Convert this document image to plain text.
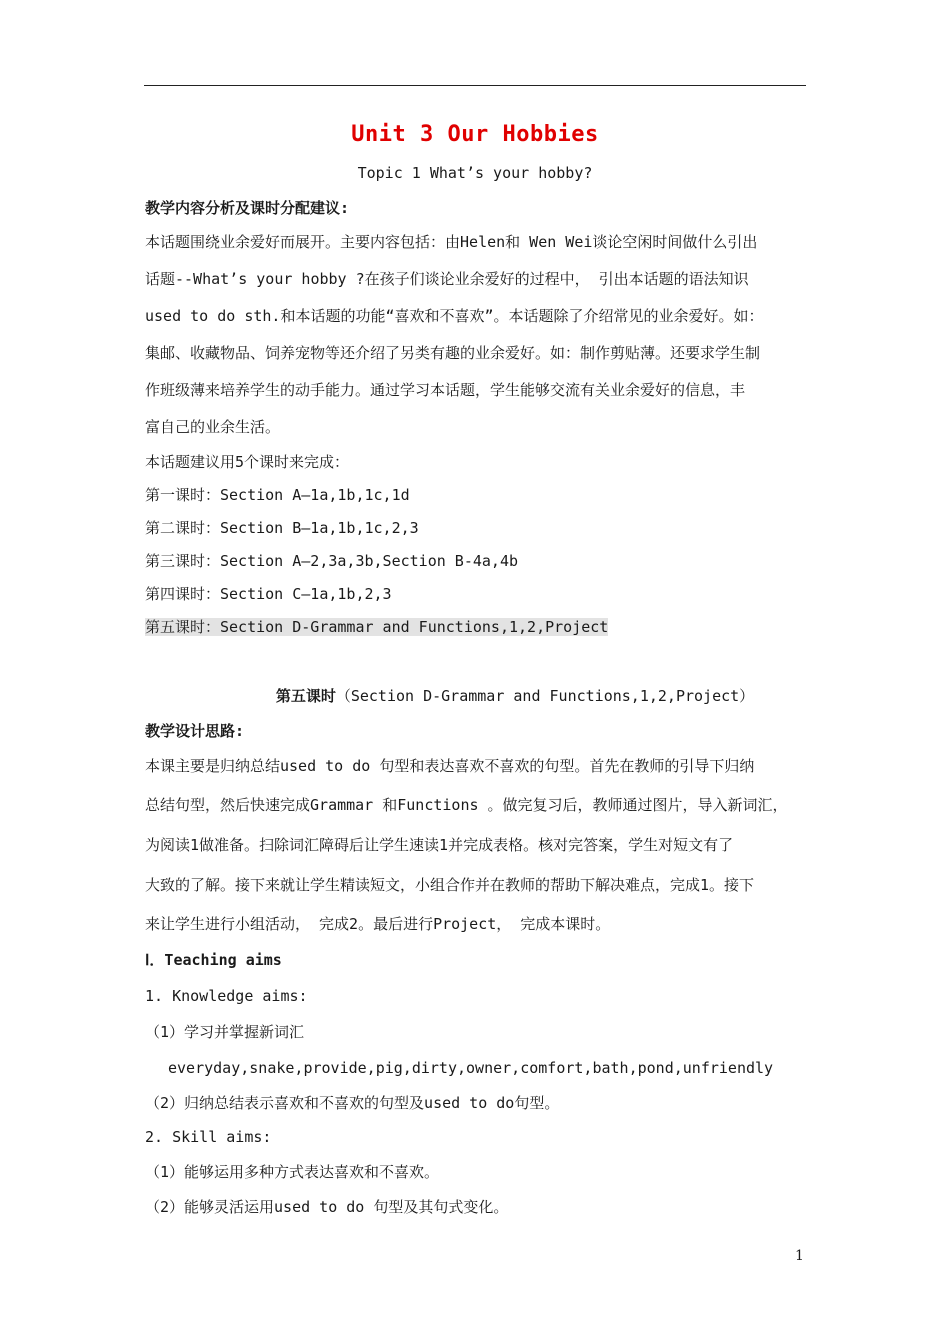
Unit 3 Our Hobbies
Topic 1 What’s your hobby?
教学内容分析及课时分配建议:
本话题围绕业余爱好而展开。主要内容包括：由Helen和 Wen Wei谈论空闲时间做什么引出
话题--What’s your hobby ?在孩子们谈论业余爱好的过程中， 引出本话题的语法知识
used to do sth.和本话题的功能“喜欢和不喜欢”。本话题除了介绍常见的业余爱好。如：
集邮、收藏物品、饲养宠物等还介绍了另类有趣的业余爱好。如：制作剪贴薄。还要求学生制
作班级薄来培养学生的动手能力。通过学习本话题，学生能够交流有关业余爱好的信息，丰
富自己的业余生活。
本话题建议用5个课时来完成：
第一课时：Section A—1a,1b,1c,1d
第二课时：Section B—1a,1b,1c,2,3
第三课时：Section A—2,3a,3b,Section B-4a,4b
第四课时：Section C—1a,1b,2,3
第五课时：Section D-Grammar and Functions,1,2,Project
第五课时（Section D-Grammar and Functions,1,2,Project）
教学设计思路:
本课主要是归纳总结used to do 句型和表达喜欢不喜欢的句型。首先在教师的引导下归纳
总结句型，然后快速完成Grammar 和Functions 。做完复习后，教师通过图片，导入新词汇，
为阅读1做准备。扫除词汇障碍后让学生速读1并完成表格。核对完答案，学生对短文有了
大致的了解。接下来就让学生精读短文，小组合作并在教师的帮助下解决难点，完成1。接下
来让学生进行小组活动， 完成2。最后进行Project， 完成本课时。
Ⅰ．Teaching aims
1. Knowledge aims:
（1）学习并掌握新词汇
everyday,snake,provide,pig,dirty,owner,comfort,bath,pond,unfriendly
（2）归纳总结表示喜欢和不喜欢的句型及used to do句型。
2. Skill aims:
（1）能够运用多种方式表达喜欢和不喜欢。
（2）能够灵活运用used to do 句型及其句式变化。
1
